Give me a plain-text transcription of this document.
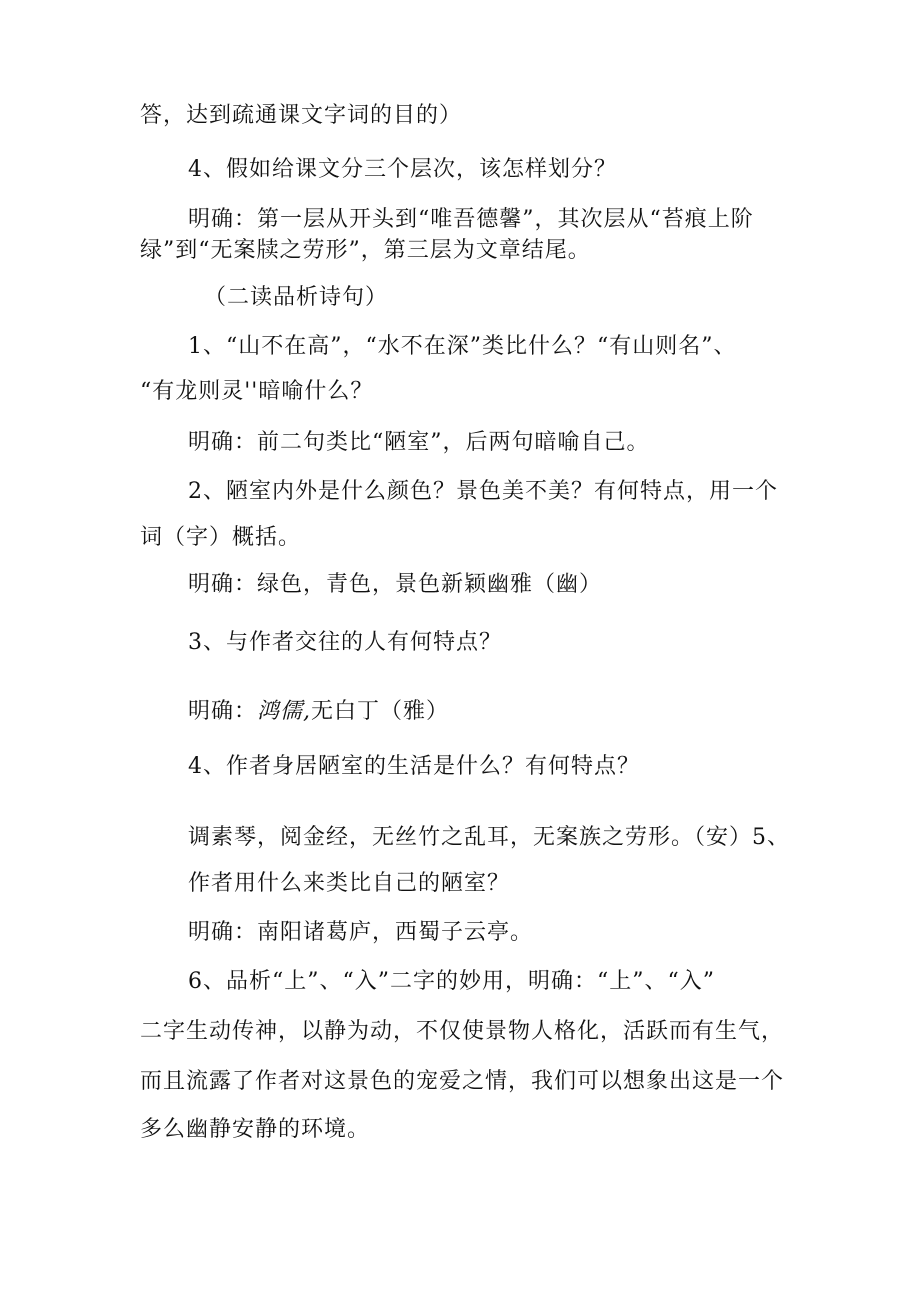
答，达到疏通课文字词的目的）
4、假如给课文分三个层次，该怎样划分？
明确：第一层从开头到“唯吾德馨”，其次层从“苔痕上阶
绿”到“无案牍之劳形”，第三层为文章结尾。
（二读品析诗句）
1、“山不在高”，“水不在深”类比什么？“有山则名”、
“有龙则灵''暗喻什么？
明确：前二句类比“陋室”，后两句暗喻自己。
2、陋室内外是什么颜色？景色美不美？有何特点，用一个
词（字）概括。
明确：绿色，青色，景色新颖幽雅（幽）
3、与作者交往的人有何特点？
明确：鸿儒,无白丁（雅）
4、作者身居陋室的生活是什么？有何特点？
调素琴，阅金经，无丝竹之乱耳，无案族之劳形。（安）5、
作者用什么来类比自己的陋室？
明确：南阳诸葛庐，西蜀子云亭。
6、品析“上”、“入”二字的妙用，明确：“上”、“入”
二字生动传神，以静为动，不仅使景物人格化，活跃而有生气，
而且流露了作者对这景色的宠爱之情，我们可以想象出这是一个
多么幽静安静的环境。
